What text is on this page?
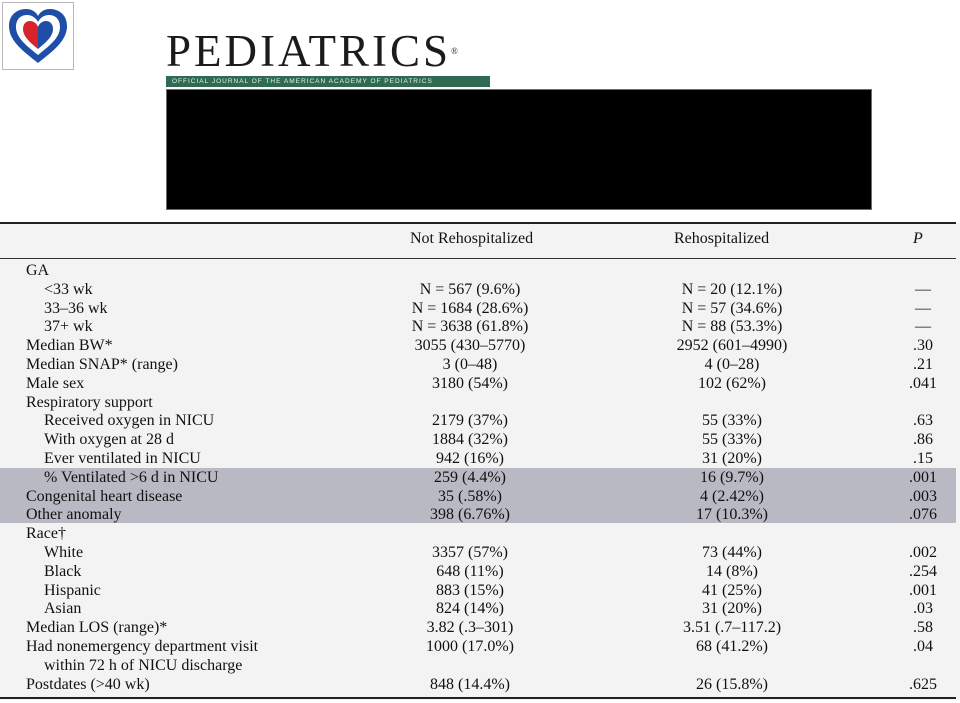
PEDIATRICS®
OFFICIAL JOURNAL OF THE AMERICAN ACADEMY OF PEDIATRICS
Not Rehospitalized	Rehospitalized	P
GA
<33 wk	N = 567 (9.6%)	N = 20 (12.1%)	—
33–36 wk	N = 1684 (28.6%)	N = 57 (34.6%)	—
37+ wk	N = 3638 (61.8%)	N = 88 (53.3%)	—
Median BW*	3055 (430–5770)	2952 (601–4990)	.30
Median SNAP* (range)	3 (0–48)	4 (0–28)	.21
Male sex	3180 (54%)	102 (62%)	.041
Respiratory support
Received oxygen in NICU	2179 (37%)	55 (33%)	.63
With oxygen at 28 d	1884 (32%)	55 (33%)	.86
Ever ventilated in NICU	942 (16%)	31 (20%)	.15
% Ventilated >6 d in NICU	259 (4.4%)	16 (9.7%)	.001
Congenital heart disease	35 (.58%)	4 (2.42%)	.003
Other anomaly	398 (6.76%)	17 (10.3%)	.076
Race†
White	3357 (57%)	73 (44%)	.002
Black	648 (11%)	14 (8%)	.254
Hispanic	883 (15%)	41 (25%)	.001
Asian	824 (14%)	31 (20%)	.03
Median LOS (range)*	3.82 (.3–301)	3.51 (.7–117.2)	.58
Had nonemergency department visit	1000 (17.0%)	68 (41.2%)	.04
within 72 h of NICU discharge
Postdates (>40 wk)	848 (14.4%)	26 (15.8%)	.625
